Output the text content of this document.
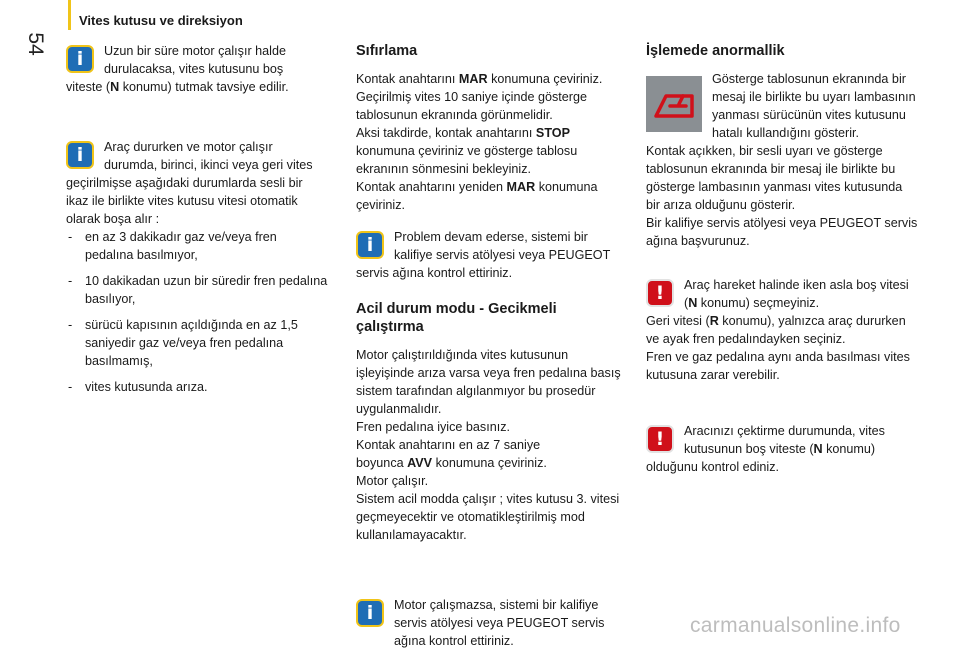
54
Vites kutusu ve direksiyon
i	Uzun bir süre motor çalışır halde durulacaksa, vites kutusunu boş

viteste (N konumu) tutmak tavsiye edilir.

i	Araç dururken ve motor çalışır durumda, birinci, ikinci veya geri vites

geçirilmişse aşağıdaki durumlarda sesli bir ikaz ile birlikte vites kutusu vitesi otomatik olarak boşa alır :

- en az 3 dakikadır gaz ve/veya fren pedalına basılmıyor,
- 10 dakikadan uzun bir süredir fren pedalına basılıyor,
- sürücü kapısının açıldığında en az 1,5 saniyedir gaz ve/veya fren pedalına basılmamış,
- vites kutusunda arıza.
Sıfırlama

Kontak anahtarını MAR konumuna çeviriniz.

Geçirilmiş vites 10 saniye içinde gösterge tablosunun ekranında görünmelidir.

Aksi takdirde, kontak anahtarını STOP konumuna çeviriniz ve gösterge tablosu ekranının sönmesini bekleyiniz.

Kontak anahtarını yeniden MAR konumuna çeviriniz.

i	Problem devam ederse, sistemi bir kalifiye servis atölyesi veya PEUGEOT

servis ağına kontrol ettiriniz.

Acil durum modu - Gecikmeli çalıştırma

Motor çalıştırıldığında vites kutusunun işleyişinde arıza varsa veya fren pedalına basış sistem tarafından algılanmıyor bu prosedür uygulanmalıdır.

Fren pedalına iyice basınız.

Kontak anahtarını en az 7 saniye

boyunca AVV konumuna çeviriniz.

Motor çalışır.

Sistem acil modda çalışır ; vites kutusu 3. vitesi geçmeyecektir ve otomatikleştirilmiş mod kullanılamayacaktır.

i	Motor çalışmazsa, sistemi bir kalifiye servis atölyesi veya PEUGEOT servis ağına kontrol ettiriniz.

İşlemede anormallik

Gösterge tablosunun ekranında bir mesaj ile birlikte bu uyarı lambasının yanması sürücünün vites kutusunu hatalı kullandığını gösterir.

Kontak açıkken, bir sesli uyarı ve gösterge tablosunun ekranında bir mesaj ile birlikte bu gösterge lambasının yanması vites kutusunda bir arıza olduğunu gösterir.

Bir kalifiye servis atölyesi veya PEUGEOT servis ağına başvurunuz.

!	Araç hareket halinde iken asla boş vitesi (N konumu) seçmeyiniz.

Geri vitesi (R konumu), yalnızca araç dururken ve ayak fren pedalındayken seçiniz.

Fren ve gaz pedalına aynı anda basılması vites kutusuna zarar verebilir.

!	Aracınızı çektirme durumunda, vites kutusunun boş viteste (N konumu)

olduğunu kontrol ediniz.

carmanualsonline.info
